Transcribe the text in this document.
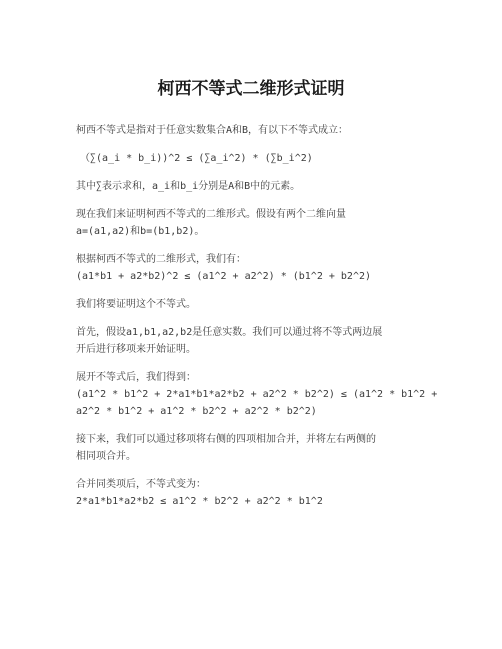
柯西不等式二维形式证明

柯西不等式是指对于任意实数集合A和B，有以下不等式成立：

（∑(a_i * b_i))^2 ≤ (∑a_i^2) * (∑b_i^2)

其中∑表示求和，a_i和b_i分别是A和B中的元素。

现在我们来证明柯西不等式的二维形式。假设有两个二维向量
a=(a1,a2)和b=(b1,b2)。

根据柯西不等式的二维形式，我们有：
(a1*b1 + a2*b2)^2 ≤ (a1^2 + a2^2) * (b1^2 + b2^2)

我们将要证明这个不等式。

首先，假设a1,b1,a2,b2是任意实数。我们可以通过将不等式两边展
开后进行移项来开始证明。

展开不等式后，我们得到：
(a1^2 * b1^2 + 2*a1*b1*a2*b2 + a2^2 * b2^2) ≤ (a1^2 * b1^2 +
a2^2 * b1^2 + a1^2 * b2^2 + a2^2 * b2^2)

接下来，我们可以通过移项将右侧的四项相加合并，并将左右两侧的
相同项合并。

合并同类项后，不等式变为：
2*a1*b1*a2*b2 ≤ a1^2 * b2^2 + a2^2 * b1^2
